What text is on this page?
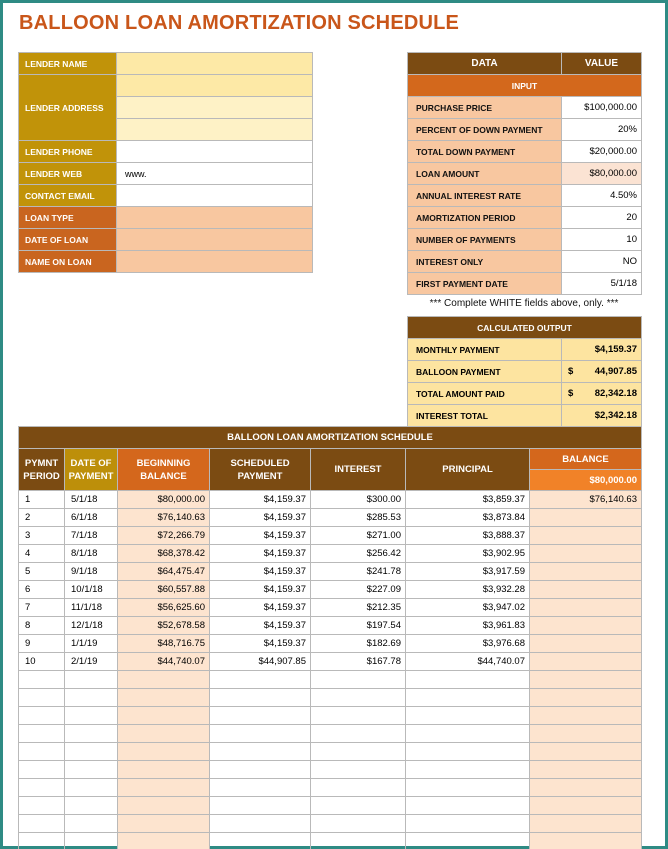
BALLOON LOAN AMORTIZATION SCHEDULE
LENDER NAME	
LENDER ADDRESS	

LENDER PHONE	
LENDER WEB	www.
CONTACT EMAIL	
LOAN TYPE	
DATE OF LOAN	
NAME ON LOAN	
DATA	VALUE
INPUT	
PURCHASE PRICE	$100,000.00
PERCENT OF DOWN PAYMENT	20%
TOTAL DOWN PAYMENT	$20,000.00
LOAN AMOUNT	$80,000.00
ANNUAL INTEREST RATE	4.50%
AMORTIZATION PERIOD	20
NUMBER OF PAYMENTS	10
INTEREST ONLY	NO
FIRST PAYMENT DATE	5/1/18
*** Complete WHITE fields above, only. ***
CALCULATED OUTPUT	
MONTHLY PAYMENT	$4,159.37
BALLOON PAYMENT	$ 44,907.85
TOTAL AMOUNT PAID	$ 82,342.18
INTEREST TOTAL	$2,342.18
BALLOON LOAN AMORTIZATION SCHEDULE						
PYMNT PERIOD	DATE OF PAYMENT	BEGINNING BALANCE	SCHEDULED PAYMENT	INTEREST	PRINCIPAL	BALANCE
						$80,000.00
1	5/1/18	$80,000.00	$4,159.37	$300.00	$3,859.37	$76,140.63
2	6/1/18	$76,140.63	$4,159.37	$285.53	$3,873.84	
3	7/1/18	$72,266.79	$4,159.37	$271.00	$3,888.37	
4	8/1/18	$68,378.42	$4,159.37	$256.42	$3,902.95	
5	9/1/18	$64,475.47	$4,159.37	$241.78	$3,917.59	
6	10/1/18	$60,557.88	$4,159.37	$227.09	$3,932.28	
7	11/1/18	$56,625.60	$4,159.37	$212.35	$3,947.02	
8	12/1/18	$52,678.58	$4,159.37	$197.54	$3,961.83	
9	1/1/19	$48,716.75	$4,159.37	$182.69	$3,976.68	
10	2/1/19	$44,740.07	$44,907.85	$167.78	$44,740.07	
